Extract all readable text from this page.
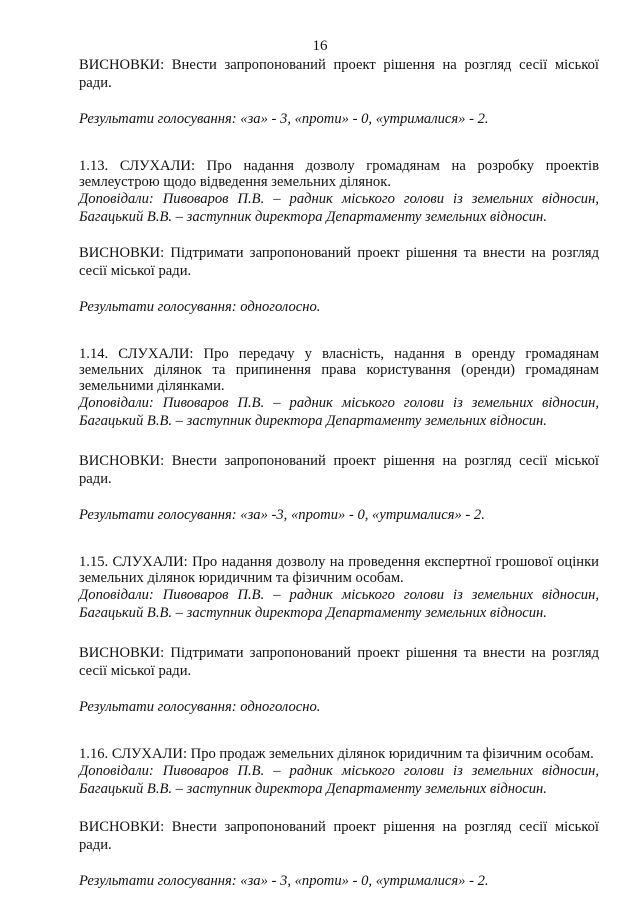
16

ВИСНОВКИ: Внести запропонований проект рішення на розгляд сесії міської ради.

Результати голосування: «за» - 3, «проти» - 0, «утрималися» - 2.

1.13. СЛУХАЛИ: Про надання дозволу громадянам на розробку проектів землеустрою щодо відведення земельних ділянок.

Доповідали: Пивоваров П.В. – радник міського голови із земельних відносин, Багацький В.В. – заступник директора Департаменту земельних відносин.

ВИСНОВКИ: Підтримати запропонований проект рішення та внести на розгляд сесії міської ради.

Результати голосування: одноголосно.

1.14. СЛУХАЛИ: Про передачу у власність, надання в оренду громадянам земельних ділянок та припинення права користування (оренди) громадянам земельними ділянками.

Доповідали: Пивоваров П.В. – радник міського голови із земельних відносин, Багацький В.В. – заступник директора Департаменту земельних відносин.

ВИСНОВКИ: Внести запропонований проект рішення на розгляд сесії міської ради.

Результати голосування: «за» -3, «проти» - 0, «утрималися» - 2.

1.15. СЛУХАЛИ: Про надання дозволу на проведення експертної грошової оцінки земельних ділянок юридичним та фізичним особам.

Доповідали: Пивоваров П.В. – радник міського голови із земельних відносин, Багацький В.В. – заступник директора Департаменту земельних відносин.

ВИСНОВКИ: Підтримати запропонований проект рішення та внести на розгляд сесії міської ради.

Результати голосування: одноголосно.

1.16. СЛУХАЛИ: Про продаж земельних ділянок юридичним та фізичним особам.

Доповідали: Пивоваров П.В. – радник міського голови із земельних відносин, Багацький В.В. – заступник директора Департаменту земельних відносин.

ВИСНОВКИ: Внести запропонований проект рішення на розгляд сесії міської ради.

Результати голосування: «за» - 3, «проти» - 0, «утрималися» - 2.
